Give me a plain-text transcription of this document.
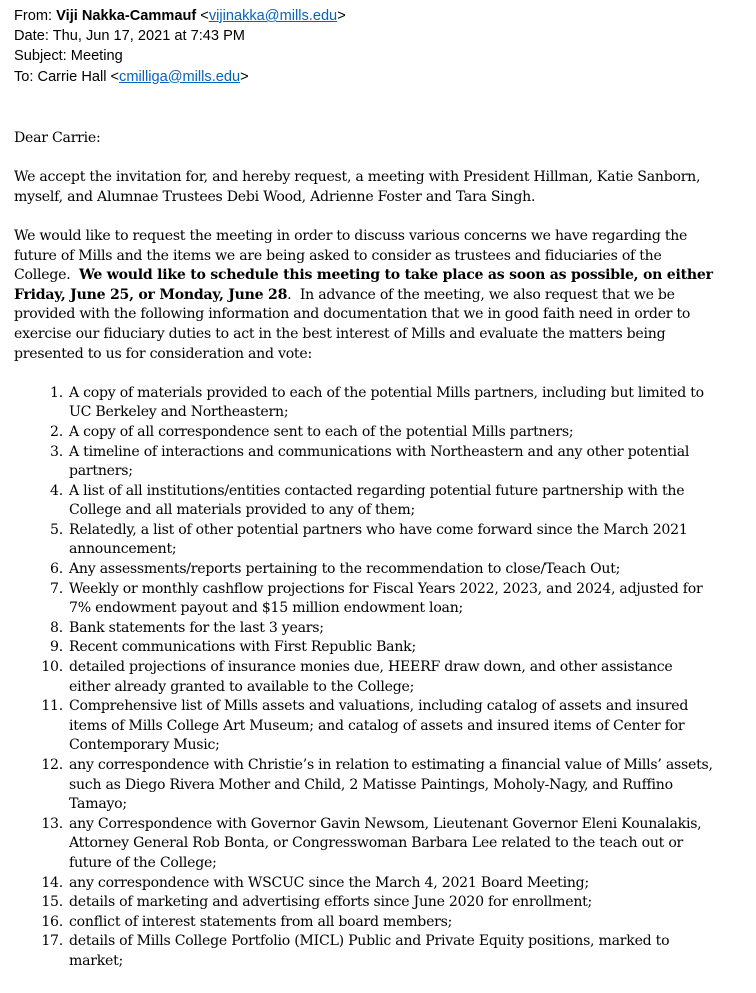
From: Viji Nakka-Cammauf <vijinakka@mills.edu>
Date: Thu, Jun 17, 2021 at 7:43 PM
Subject: Meeting
To: Carrie Hall <cmilliga@mills.edu>

Dear Carrie:

We accept the invitation for, and hereby request, a meeting with President Hillman, Katie Sanborn,
myself, and Alumnae Trustees Debi Wood, Adrienne Foster and Tara Singh.

We would like to request the meeting in order to discuss various concerns we have regarding the
future of Mills and the items we are being asked to consider as trustees and fiduciaries of the
College.  We would like to schedule this meeting to take place as soon as possible, on either
Friday, June 25, or Monday, June 28.  In advance of the meeting, we also request that we be
provided with the following information and documentation that we in good faith need in order to
exercise our fiduciary duties to act in the best interest of Mills and evaluate the matters being
presented to us for consideration and vote:

1. A copy of materials provided to each of the potential Mills partners, including but limited to
UC Berkeley and Northeastern;
2. A copy of all correspondence sent to each of the potential Mills partners;
3. A timeline of interactions and communications with Northeastern and any other potential
partners;
4. A list of all institutions/entities contacted regarding potential future partnership with the
College and all materials provided to any of them;
5. Relatedly, a list of other potential partners who have come forward since the March 2021
announcement;
6. Any assessments/reports pertaining to the recommendation to close/Teach Out;
7. Weekly or monthly cashflow projections for Fiscal Years 2022, 2023, and 2024, adjusted for
7% endowment payout and $15 million endowment loan;
8. Bank statements for the last 3 years;
9. Recent communications with First Republic Bank;
10. detailed projections of insurance monies due, HEERF draw down, and other assistance
either already granted to available to the College;
11. Comprehensive list of Mills assets and valuations, including catalog of assets and insured
items of Mills College Art Museum; and catalog of assets and insured items of Center for
Contemporary Music;
12. any correspondence with Christie’s in relation to estimating a financial value of Mills’ assets,
such as Diego Rivera Mother and Child, 2 Matisse Paintings, Moholy-Nagy, and Ruffino
Tamayo;
13. any Correspondence with Governor Gavin Newsom, Lieutenant Governor Eleni Kounalakis,
Attorney General Rob Bonta, or Congresswoman Barbara Lee related to the teach out or
future of the College;
14. any correspondence with WSCUC since the March 4, 2021 Board Meeting;
15. details of marketing and advertising efforts since June 2020 for enrollment;
16. conflict of interest statements from all board members;
17. details of Mills College Portfolio (MICL) Public and Private Equity positions, marked to
market;
